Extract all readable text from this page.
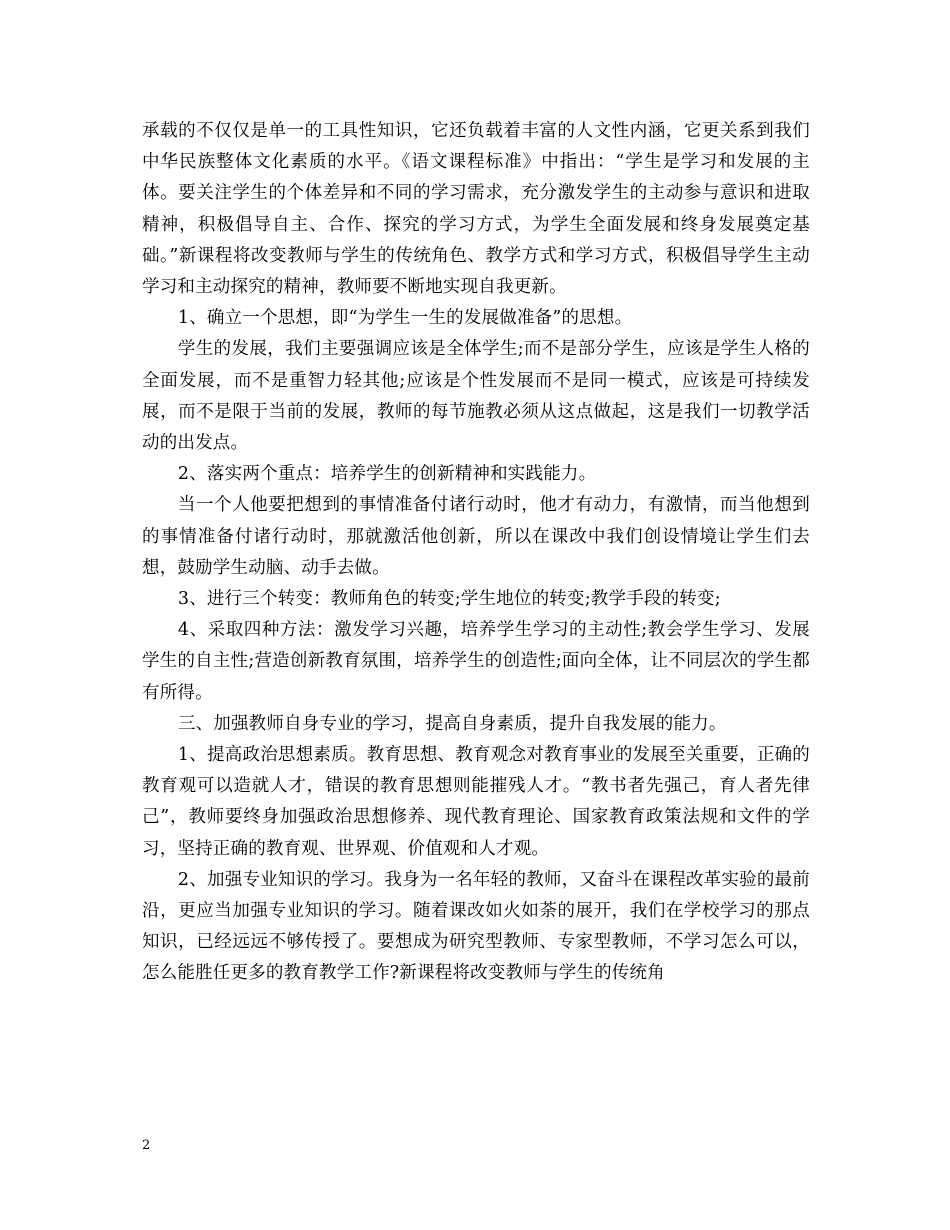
承载的不仅仅是单一的工具性知识，它还负载着丰富的人文性内涵，它更关系到我们中华民族整体文化素质的水平。《语文课程标准》中指出：“学生是学习和发展的主体。要关注学生的个体差异和不同的学习需求，充分激发学生的主动参与意识和进取精神，积极倡导自主、合作、探究的学习方式，为学生全面发展和终身发展奠定基础。”新课程将改变教师与学生的传统角色、教学方式和学习方式，积极倡导学生主动学习和主动探究的精神，教师要不断地实现自我更新。

1、确立一个思想，即“为学生一生的发展做准备”的思想。

学生的发展，我们主要强调应该是全体学生;而不是部分学生，应该是学生人格的全面发展，而不是重智力轻其他;应该是个性发展而不是同一模式，应该是可持续发展，而不是限于当前的发展，教师的每节施教必须从这点做起，这是我们一切教学活动的出发点。

2、落实两个重点：培养学生的创新精神和实践能力。

当一个人他要把想到的事情准备付诸行动时，他才有动力，有激情，而当他想到的事情准备付诸行动时，那就激活他创新，所以在课改中我们创设情境让学生们去想，鼓励学生动脑、动手去做。

3、进行三个转变：教师角色的转变;学生地位的转变;教学手段的转变;

4、采取四种方法：激发学习兴趣，培养学生学习的主动性;教会学生学习、发展学生的自主性;营造创新教育氛围，培养学生的创造性;面向全体，让不同层次的学生都有所得。

三、加强教师自身专业的学习，提高自身素质，提升自我发展的能力。

1、提高政治思想素质。教育思想、教育观念对教育事业的发展至关重要，正确的教育观可以造就人才，错误的教育思想则能摧残人才。“教书者先强己，育人者先律己”，教师要终身加强政治思想修养、现代教育理论、国家教育政策法规和文件的学习，坚持正确的教育观、世界观、价值观和人才观。

2、加强专业知识的学习。我身为一名年轻的教师，又奋斗在课程改革实验的最前沿，更应当加强专业知识的学习。随着课改如火如荼的展开，我们在学校学习的那点知识，已经远远不够传授了。要想成为研究型教师、专家型教师，不学习怎么可以，怎么能胜任更多的教育教学工作?新课程将改变教师与学生的传统角

2
